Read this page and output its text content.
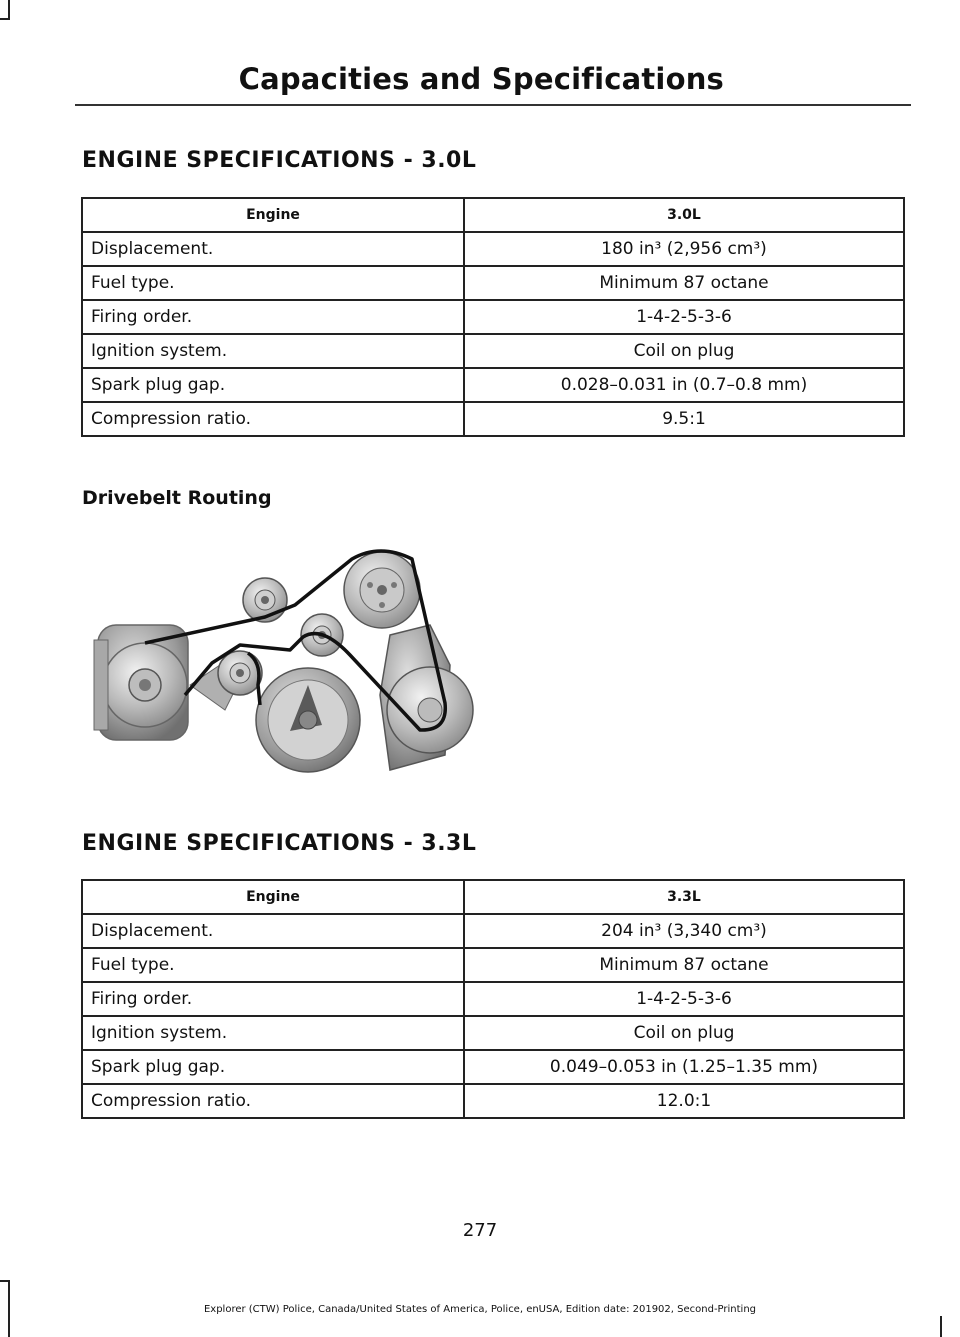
Capacities and Specifications
ENGINE SPECIFICATIONS - 3.0L
Engine	3.0L
Displacement.	180 in³ (2,956 cm³)
Fuel type.	Minimum 87 octane
Firing order.	1-4-2-5-3-6
Ignition system.	Coil on plug
Spark plug gap.	0.028–0.031 in (0.7–0.8 mm)
Compression ratio.	9.5:1
Drivebelt Routing
ENGINE SPECIFICATIONS - 3.3L
Engine	3.3L
Displacement.	204 in³ (3,340 cm³)
Fuel type.	Minimum 87 octane
Firing order.	1-4-2-5-3-6
Ignition system.	Coil on plug
Spark plug gap.	0.049–0.053 in (1.25–1.35 mm)
Compression ratio.	12.0:1
277
Explorer (CTW) Police, Canada/United States of America, Police, enUSA, Edition date: 201902, Second-Printing
